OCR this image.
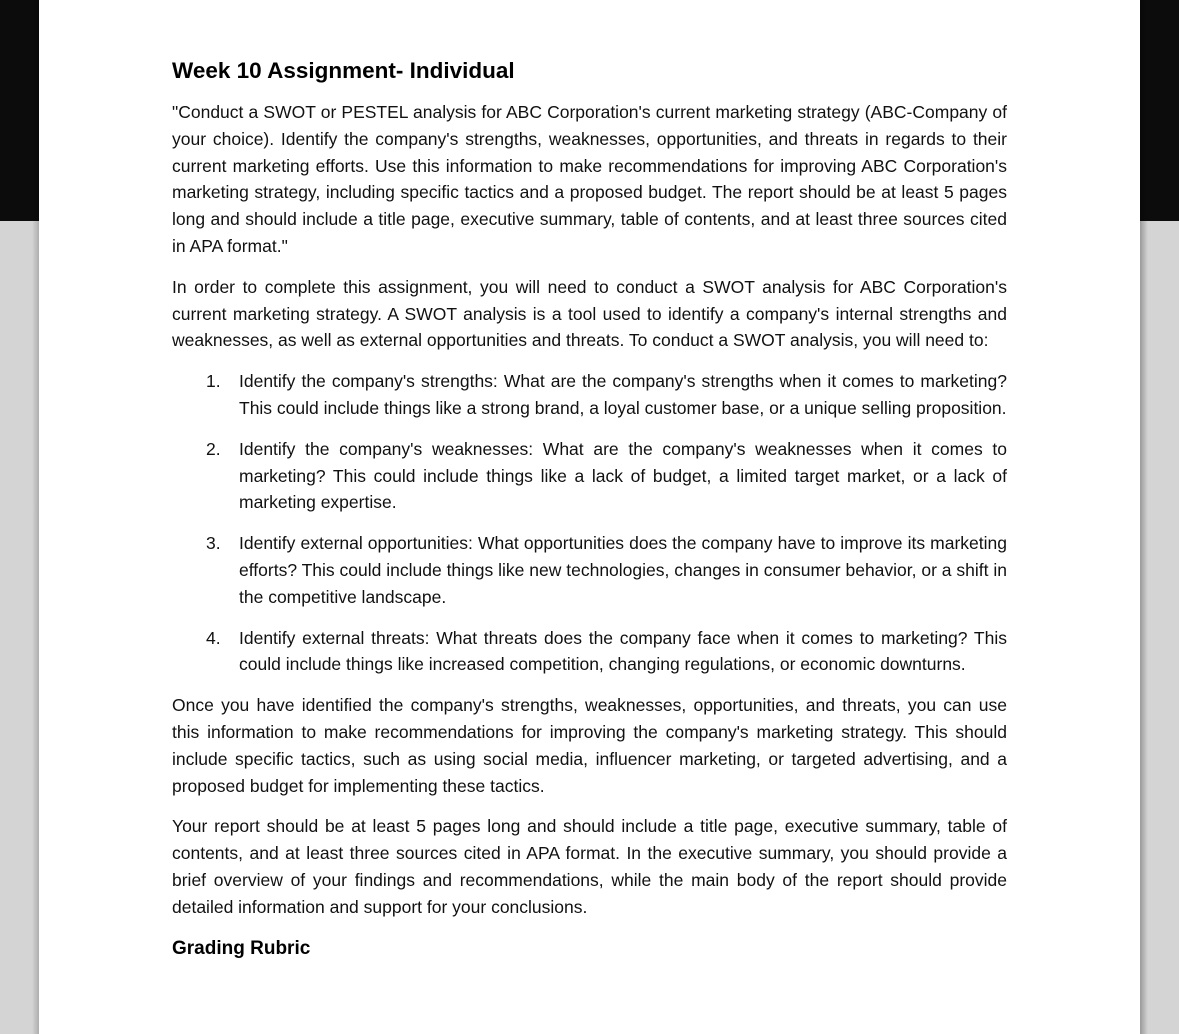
Week 10 Assignment- Individual

"Conduct a SWOT or PESTEL analysis for ABC Corporation's current marketing strategy (ABC-Company of your choice). Identify the company's strengths, weaknesses, opportunities, and threats in regards to their current marketing efforts. Use this information to make recommendations for improving ABC Corporation's marketing strategy, including specific tactics and a proposed budget. The report should be at least 5 pages long and should include a title page, executive summary, table of contents, and at least three sources cited in APA format."

In order to complete this assignment, you will need to conduct a SWOT analysis for ABC Corporation's current marketing strategy. A SWOT analysis is a tool used to identify a company's internal strengths and weaknesses, as well as external opportunities and threats. To conduct a SWOT analysis, you will need to:

1. Identify the company's strengths: What are the company's strengths when it comes to marketing? This could include things like a strong brand, a loyal customer base, or a unique selling proposition.
2. Identify the company's weaknesses: What are the company's weaknesses when it comes to marketing? This could include things like a lack of budget, a limited target market, or a lack of marketing expertise.
3. Identify external opportunities: What opportunities does the company have to improve its marketing efforts? This could include things like new technologies, changes in consumer behavior, or a shift in the competitive landscape.
4. Identify external threats: What threats does the company face when it comes to marketing? This could include things like increased competition, changing regulations, or economic downturns.

Once you have identified the company's strengths, weaknesses, opportunities, and threats, you can use this information to make recommendations for improving the company's marketing strategy. This should include specific tactics, such as using social media, influencer marketing, or targeted advertising, and a proposed budget for implementing these tactics.

Your report should be at least 5 pages long and should include a title page, executive summary, table of contents, and at least three sources cited in APA format. In the executive summary, you should provide a brief overview of your findings and recommendations, while the main body of the report should provide detailed information and support for your conclusions.

Grading Rubric
